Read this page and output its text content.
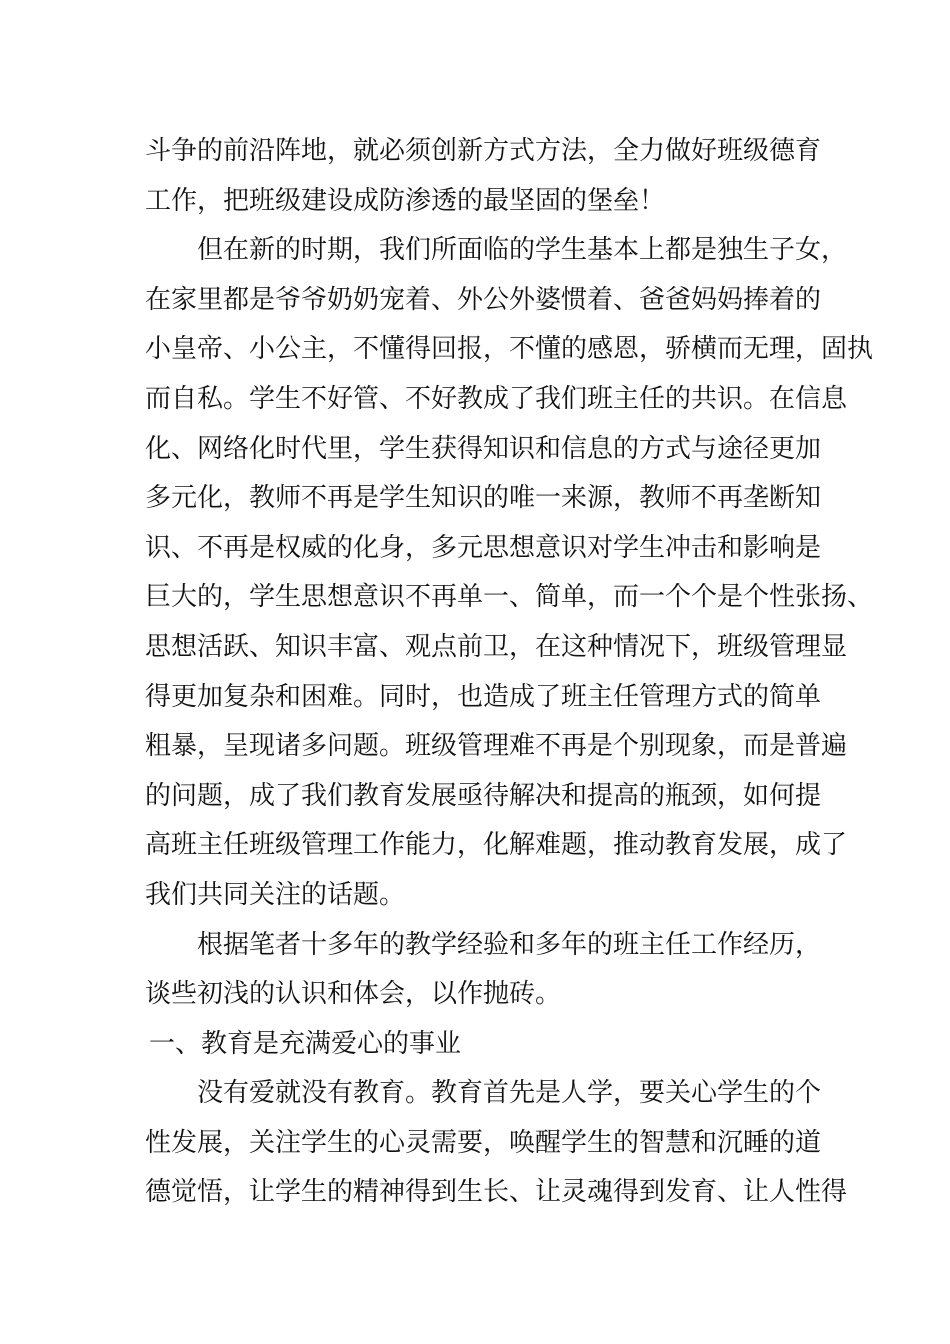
斗争的前沿阵地，就必须创新方式方法，全力做好班级德育
工作，把班级建设成防渗透的最坚固的堡垒！
但在新的时期，我们所面临的学生基本上都是独生子女，
在家里都是爷爷奶奶宠着、外公外婆惯着、爸爸妈妈捧着的
小皇帝、小公主，不懂得回报，不懂的感恩，骄横而无理，固执
而自私。学生不好管、不好教成了我们班主任的共识。在信息
化、网络化时代里，学生获得知识和信息的方式与途径更加
多元化，教师不再是学生知识的唯一来源，教师不再垄断知
识、不再是权威的化身，多元思想意识对学生冲击和影响是
巨大的，学生思想意识不再单一、简单，而一个个是个性张扬、
思想活跃、知识丰富、观点前卫，在这种情况下，班级管理显
得更加复杂和困难。同时，也造成了班主任管理方式的简单
粗暴，呈现诸多问题。班级管理难不再是个别现象，而是普遍
的问题，成了我们教育发展亟待解决和提高的瓶颈，如何提
高班主任班级管理工作能力，化解难题，推动教育发展，成了
我们共同关注的话题。
根据笔者十多年的教学经验和多年的班主任工作经历，
谈些初浅的认识和体会，以作抛砖。
一、教育是充满爱心的事业
没有爱就没有教育。教育首先是人学，要关心学生的个
性发展，关注学生的心灵需要，唤醒学生的智慧和沉睡的道
德觉悟，让学生的精神得到生长、让灵魂得到发育、让人性得
